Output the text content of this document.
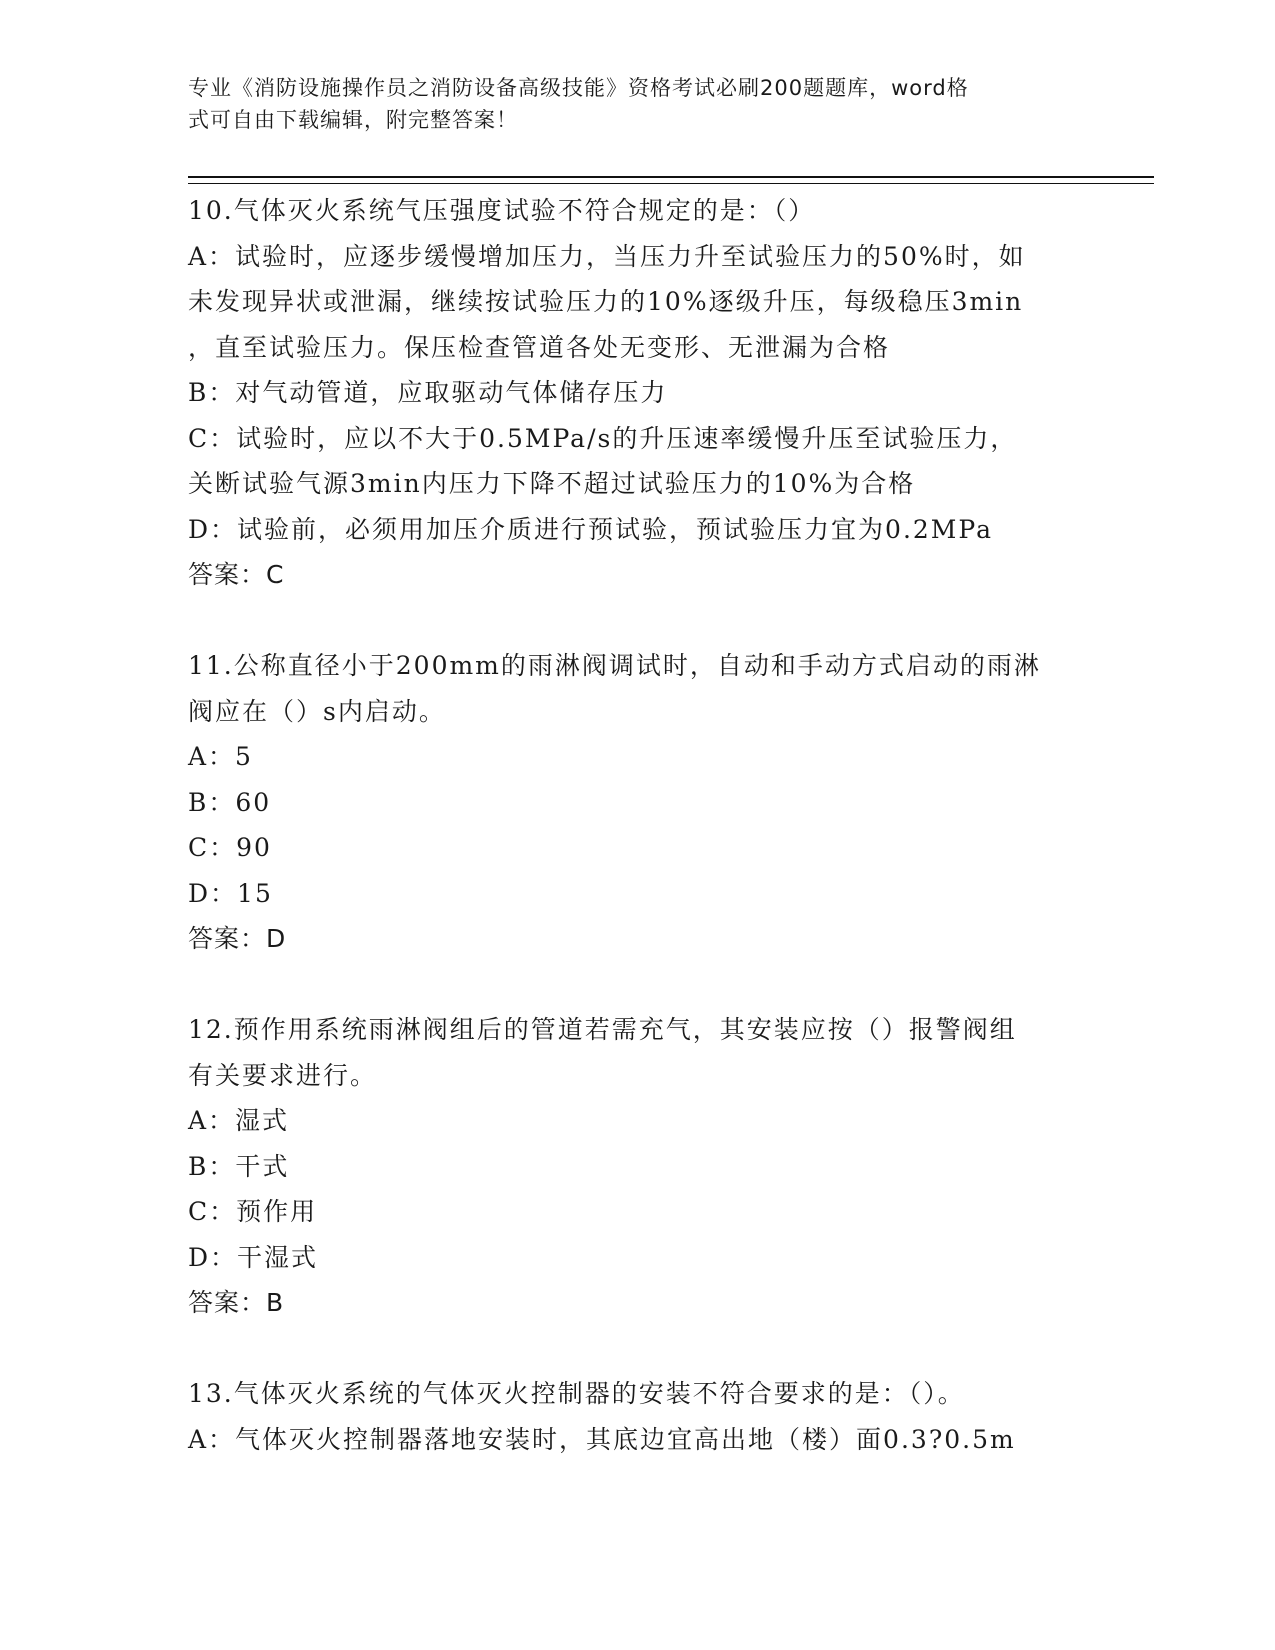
专业《消防设施操作员之消防设备高级技能》资格考试必刷200题题库，word格
式可自由下载编辑，附完整答案！
10.气体灭火系统气压强度试验不符合规定的是：（）
A：试验时，应逐步缓慢增加压力，当压力升至试验压力的50%时，如
未发现异状或泄漏，继续按试验压力的10%逐级升压，每级稳压3min
，直至试验压力。保压检查管道各处无变形、无泄漏为合格
B：对气动管道，应取驱动气体储存压力
C：试验时，应以不大于0.5MPa/s的升压速率缓慢升压至试验压力，
关断试验气源3min内压力下降不超过试验压力的10%为合格
D：试验前，必须用加压介质进行预试验，预试验压力宜为0.2MPa
答案：C
11.公称直径小于200mm的雨淋阀调试时，自动和手动方式启动的雨淋
阀应在（）s内启动。
A：5
B：60
C：90
D：15
答案：D
12.预作用系统雨淋阀组后的管道若需充气，其安装应按（）报警阀组
有关要求进行。
A：湿式
B：干式
C：预作用
D：干湿式
答案：B
13.气体灭火系统的气体灭火控制器的安装不符合要求的是：（）。
A：气体灭火控制器落地安装时，其底边宜高出地（楼）面0.3?0.5m
